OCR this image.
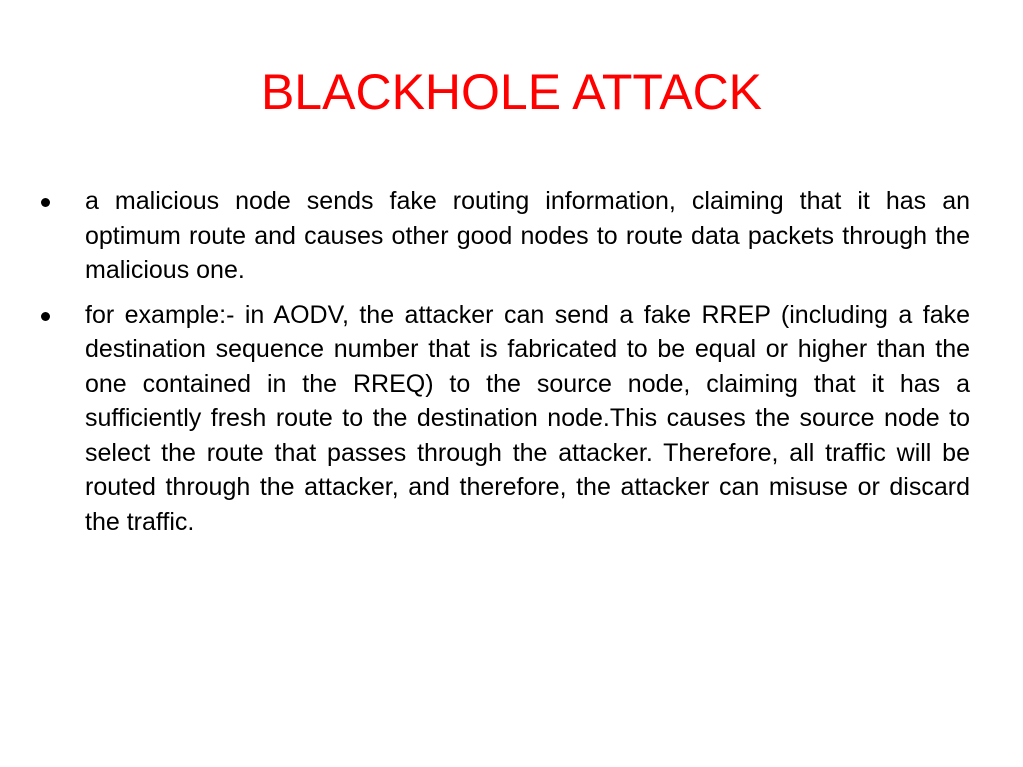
BLACKHOLE ATTACK
a malicious node sends fake routing information, claiming that it has an optimum route and causes other good nodes to route data packets through the malicious one.
for example:- in AODV, the attacker can send a fake RREP (including a fake destination sequence number that is fabricated to be equal or higher than the one contained in the RREQ) to the source node, claiming that it has a sufficiently fresh route to the destination node.This causes the source node to select the route that passes through the attacker. Therefore, all traffic will be routed through the attacker, and therefore, the attacker can misuse or discard the traffic.
